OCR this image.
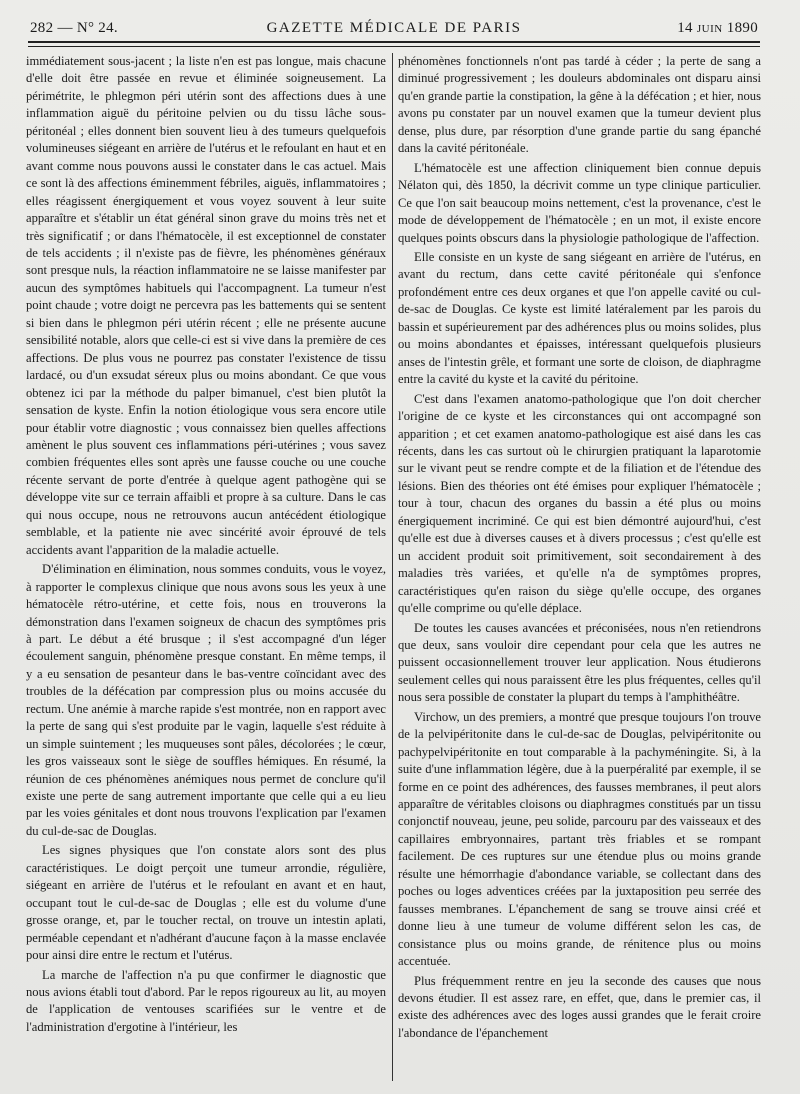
282 — N° 24.	GAZETTE MÉDICALE DE PARIS	14 JUIN 1890

immédiatement sous-jacent ; la liste n'en est pas longue, mais chacune d'elle doit être passée en revue et éliminée soigneusement. La périmétrite, le phlegmon péri utérin sont des affections dues à une inflammation aiguë du péritoine pelvien ou du tissu lâche sous-péritonéal ; elles donnent bien souvent lieu à des tumeurs quelquefois volumineuses siégeant en arrière de l'utérus et le refoulant en haut et en avant comme nous pouvons aussi le constater dans le cas actuel. Mais ce sont là des affections éminemment fébriles, aiguës, inflammatoires ; elles réagissent énergiquement et vous voyez souvent à leur suite apparaître et s'établir un état général sinon grave du moins très net et très significatif ; or dans l'hématocèle, il est exceptionnel de constater de tels accidents ; il n'existe pas de fièvre, les phénomènes généraux sont presque nuls, la réaction inflammatoire ne se laisse manifester par aucun des symptômes habituels qui l'accompagnent. La tumeur n'est point chaude ; votre doigt ne percevra pas les battements qui se sentent si bien dans le phlegmon péri utérin récent ; elle ne présente aucune sensibilité notable, alors que celle-ci est si vive dans la première de ces affections. De plus vous ne pourrez pas constater l'existence de tissu lardacé, ou d'un exsudat séreux plus ou moins abondant. Ce que vous obtenez ici par la méthode du palper bimanuel, c'est bien plutôt la sensation de kyste. Enfin la notion étiologique vous sera encore utile pour établir votre diagnostic ; vous connaissez bien quelles affections amènent le plus souvent ces inflammations péri-utérines ; vous savez combien fréquentes elles sont après une fausse couche ou une couche récente servant de porte d'entrée à quelque agent pathogène qui se développe vite sur ce terrain affaibli et propre à sa culture. Dans le cas qui nous occupe, nous ne retrouvons aucun antécédent étiologique semblable, et la patiente nie avec sincérité avoir éprouvé de tels accidents avant l'apparition de la maladie actuelle.

D'élimination en élimination, nous sommes conduits, vous le voyez, à rapporter le complexus clinique que nous avons sous les yeux à une hématocèle rétro-utérine, et cette fois, nous en trouverons la démonstration dans l'examen soigneux de chacun des symptômes pris à part. Le début a été brusque ; il s'est accompagné d'un léger écoulement sanguin, phénomène presque constant. En même temps, il y a eu sensation de pesanteur dans le bas-ventre coïncidant avec des troubles de la défécation par compression plus ou moins accusée du rectum. Une anémie à marche rapide s'est montrée, non en rapport avec la perte de sang qui s'est produite par le vagin, laquelle s'est réduite à un simple suintement ; les muqueuses sont pâles, décolorées ; le cœur, les gros vaisseaux sont le siège de souffles hémiques. En résumé, la réunion de ces phénomènes anémiques nous permet de conclure qu'il existe une perte de sang autrement importante que celle qui a eu lieu par les voies génitales et dont nous trouvons l'explication par l'examen du cul-de-sac de Douglas.

Les signes physiques que l'on constate alors sont des plus caractéristiques. Le doigt perçoit une tumeur arrondie, régulière, siégeant en arrière de l'utérus et le refoulant en avant et en haut, occupant tout le cul-de-sac de Douglas ; elle est du volume d'une grosse orange, et, par le toucher rectal, on trouve un intestin aplati, perméable cependant et n'adhérant d'aucune façon à la masse enclavée pour ainsi dire entre le rectum et l'utérus.

La marche de l'affection n'a pu que confirmer le diagnostic que nous avions établi tout d'abord. Par le repos rigoureux au lit, au moyen de l'application de ventouses scarifiées sur le ventre et de l'administration d'ergotine à l'intérieur, les

phénomènes fonctionnels n'ont pas tardé à céder ; la perte de sang a diminué progressivement ; les douleurs abdominales ont disparu ainsi qu'en grande partie la constipation, la gêne à la défécation ; et hier, nous avons pu constater par un nouvel examen que la tumeur devient plus dense, plus dure, par résorption d'une grande partie du sang épanché dans la cavité péritonéale.

L'hématocèle est une affection cliniquement bien connue depuis Nélaton qui, dès 1850, la décrivit comme un type clinique particulier. Ce que l'on sait beaucoup moins nettement, c'est la provenance, c'est le mode de développement de l'hématocèle ; en un mot, il existe encore quelques points obscurs dans la physiologie pathologique de l'affection.

Elle consiste en un kyste de sang siégeant en arrière de l'utérus, en avant du rectum, dans cette cavité péritonéale qui s'enfonce profondément entre ces deux organes et que l'on appelle cavité ou cul-de-sac de Douglas. Ce kyste est limité latéralement par les parois du bassin et supérieurement par des adhérences plus ou moins solides, plus ou moins abondantes et épaisses, intéressant quelquefois plusieurs anses de l'intestin grêle, et formant une sorte de cloison, de diaphragme entre la cavité du kyste et la cavité du péritoine.

C'est dans l'examen anatomo-pathologique que l'on doit chercher l'origine de ce kyste et les circonstances qui ont accompagné son apparition ; et cet examen anatomo-pathologique est aisé dans les cas récents, dans les cas surtout où le chirurgien pratiquant la laparotomie sur le vivant peut se rendre compte et de la filiation et de l'étendue des lésions. Bien des théories ont été émises pour expliquer l'hématocèle ; tour à tour, chacun des organes du bassin a été plus ou moins énergiquement incriminé. Ce qui est bien démontré aujourd'hui, c'est qu'elle est due à diverses causes et à divers processus ; c'est qu'elle est un accident produit soit primitivement, soit secondairement à des maladies très variées, et qu'elle n'a de symptômes propres, caractéristiques qu'en raison du siège qu'elle occupe, des organes qu'elle comprime ou qu'elle déplace.

De toutes les causes avancées et préconisées, nous n'en retiendrons que deux, sans vouloir dire cependant pour cela que les autres ne puissent occasionnellement trouver leur application. Nous étudierons seulement celles qui nous paraissent être les plus fréquentes, celles qu'il nous sera possible de constater la plupart du temps à l'amphithéâtre.

Virchow, un des premiers, a montré que presque toujours l'on trouve de la pelvipéritonite dans le cul-de-sac de Douglas, pelvipéritonite ou pachypelvipéritonite en tout comparable à la pachyméningite. Si, à la suite d'une inflammation légère, due à la puerpéralité par exemple, il se forme en ce point des adhérences, des fausses membranes, il peut alors apparaître de véritables cloisons ou diaphragmes constitués par un tissu conjonctif nouveau, jeune, peu solide, parcouru par des vaisseaux et des capillaires embryonnaires, partant très friables et se rompant facilement. De ces ruptures sur une étendue plus ou moins grande résulte une hémorrhagie d'abondance variable, se collectant dans des poches ou loges adventices créées par la juxtaposition peu serrée des fausses membranes. L'épanchement de sang se trouve ainsi créé et donne lieu à une tumeur de volume différent selon les cas, de consistance plus ou moins grande, de rénitence plus ou moins accentuée.

Plus fréquemment rentre en jeu la seconde des causes que nous devons étudier. Il est assez rare, en effet, que, dans le premier cas, il existe des adhérences avec des loges aussi grandes que le ferait croire l'abondance de l'épanchement
